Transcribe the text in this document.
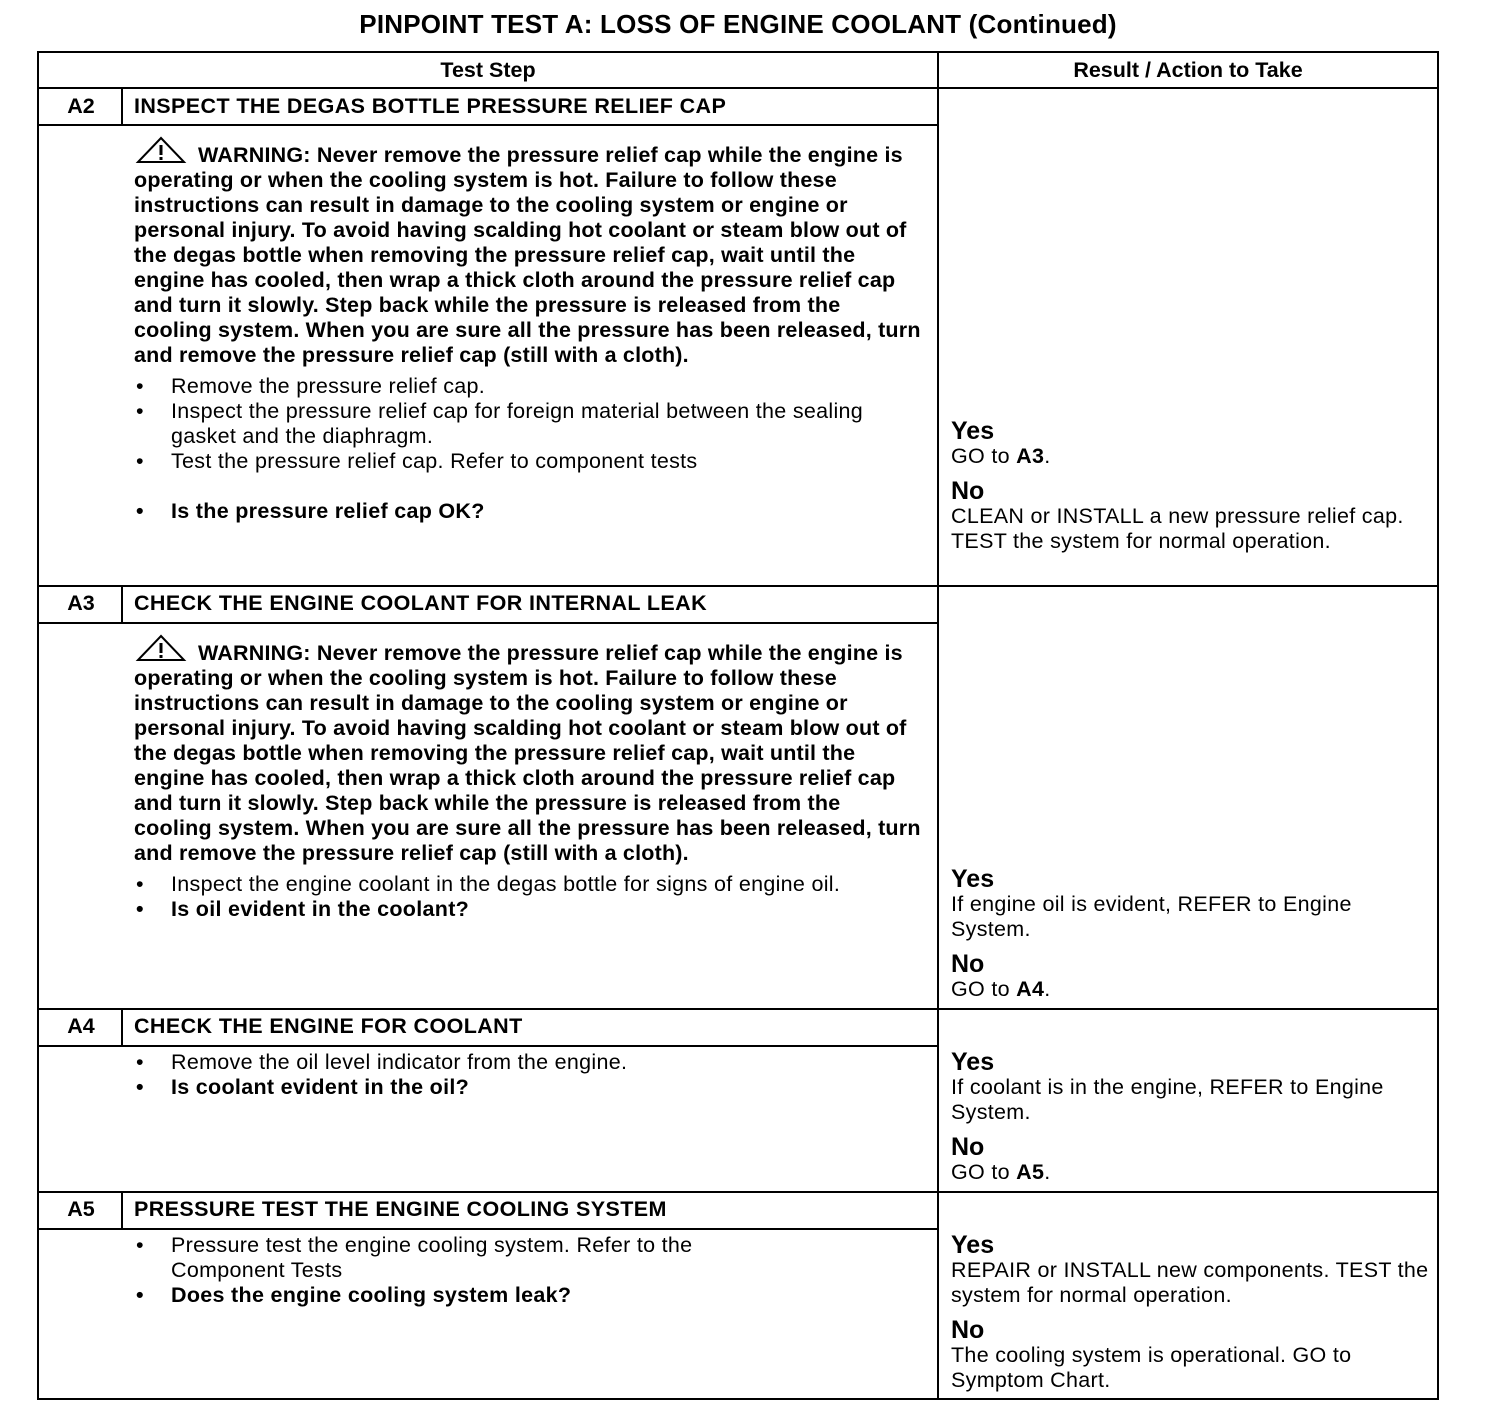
PINPOINT TEST A: LOSS OF ENGINE COOLANT (Continued)
Test Step	Result / Action to Take
A2	INSPECT THE DEGAS BOTTLE PRESSURE RELIEF CAP
WARNING: Never remove the pressure relief cap while the engine is operating or when the cooling system is hot. Failure to follow these instructions can result in damage to the cooling system or engine or personal injury. To avoid having scalding hot coolant or steam blow out of the degas bottle when removing the pressure relief cap, wait until the engine has cooled, then wrap a thick cloth around the pressure relief cap and turn it slowly. Step back while the pressure is released from the cooling system. When you are sure all the pressure has been released, turn and remove the pressure relief cap (still with a cloth).
• Remove the pressure relief cap.
• Inspect the pressure relief cap for foreign material between the sealing gasket and the diaphragm.
• Test the pressure relief cap. Refer to component tests
• Is the pressure relief cap OK?
Yes
GO to A3.
No
CLEAN or INSTALL a new pressure relief cap. TEST the system for normal operation.
A3	CHECK THE ENGINE COOLANT FOR INTERNAL LEAK
WARNING: Never remove the pressure relief cap while the engine is operating or when the cooling system is hot. Failure to follow these instructions can result in damage to the cooling system or engine or personal injury. To avoid having scalding hot coolant or steam blow out of the degas bottle when removing the pressure relief cap, wait until the engine has cooled, then wrap a thick cloth around the pressure relief cap and turn it slowly. Step back while the pressure is released from the cooling system. When you are sure all the pressure has been released, turn and remove the pressure relief cap (still with a cloth).
• Inspect the engine coolant in the degas bottle for signs of engine oil.
• Is oil evident in the coolant?
Yes
If engine oil is evident, REFER to Engine System.
No
GO to A4.
A4	CHECK THE ENGINE FOR COOLANT
• Remove the oil level indicator from the engine.
• Is coolant evident in the oil?
Yes
If coolant is in the engine, REFER to Engine System.
No
GO to A5.
A5	PRESSURE TEST THE ENGINE COOLING SYSTEM
• Pressure test the engine cooling system. Refer to the Component Tests
• Does the engine cooling system leak?
Yes
REPAIR or INSTALL new components. TEST the system for normal operation.
No
The cooling system is operational. GO to Symptom Chart.
